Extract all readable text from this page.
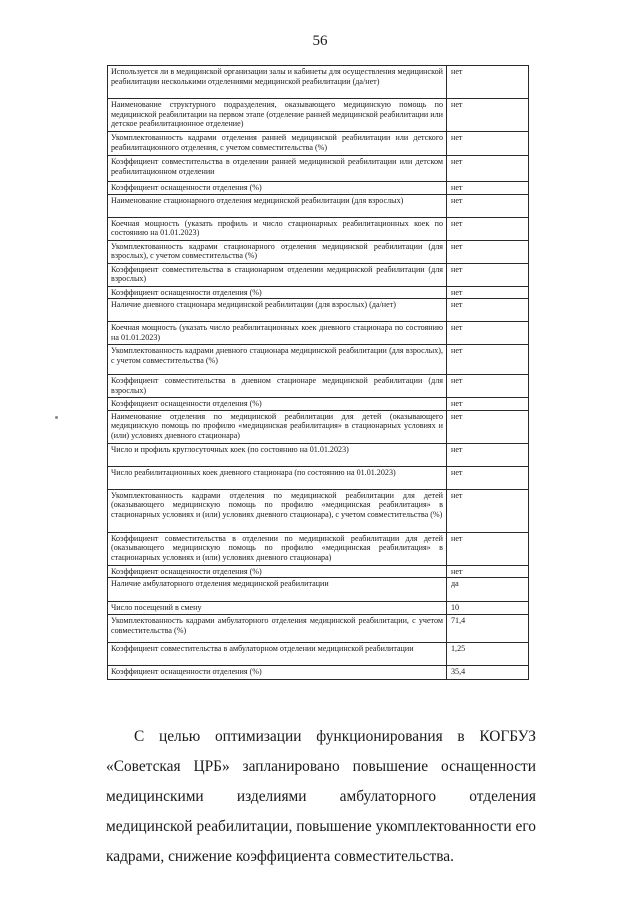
56
Используется ли в медицинской организации залы и кабинеты для осуществления медицинской реабилитации несколькими отделениями медицинской реабилитации (да/нет)	нет
Наименование структурного подразделения, оказывающего медицинскую помощь по медицинской реабилитации на первом этапе (отделение ранней медицинской реабилитации или детское реабилитационное отделение)	нет
Укомплектованность кадрами отделения ранней медицинской реабилитации или детского реабилитационного отделения, с учетом совместительства (%)	нет
Коэффициент совместительства в отделении ранней медицинской реабилитации или детском реабилитационном отделении	нет
Коэффициент оснащенности отделения (%)	нет
Наименование стационарного отделения медицинской реабилитации (для взрослых)	нет
Коечная мощность (указать профиль и число стационарных реабилитационных коек по состоянию на 01.01.2023)	нет
Укомплектованность кадрами стационарного отделения медицинской реабилитации (для взрослых), с учетом совместительства (%)	нет
Коэффициент совместительства в стационарном отделении медицинской реабилитации (для взрослых)	нет
Коэффициент оснащенности отделения (%)	нет
Наличие дневного стационара медицинской реабилитации (для взрослых) (да/нет)	нет
Коечная мощность (указать число реабилитационных коек дневного стационара по состоянию на 01.01.2023)	нет
Укомплектованность кадрами дневного стационара медицинской реабилитации (для взрослых), с учетом совместительства (%)	нет
Коэффициент совместительства в дневном стационаре медицинской реабилитации (для взрослых)	нет
Коэффициент оснащенности отделения (%)	нет
Наименование отделения по медицинской реабилитации для детей (оказывающего медицинскую помощь по профилю «медицинская реабилитация» в стационарных условиях и (или) условиях дневного стационара)	нет
Число и профиль круглосуточных коек (по состоянию на 01.01.2023)	нет
Число реабилитационных коек дневного стационара (по состоянию на 01.01.2023)	нет
Укомплектованность кадрами отделения по медицинской реабилитации для детей (оказывающего медицинскую помощь по профилю «медицинская реабилитация» в стационарных условиях и (или) условиях дневного стационара), с учетом совместительства (%)	нет
Коэффициент совместительства в отделении по медицинской реабилитации для детей (оказывающего медицинскую помощь по профилю «медицинская реабилитация» в стационарных условиях и (или) условиях дневного стационара)	нет
Коэффициент оснащенности отделения (%)	нет
Наличие амбулаторного отделения медицинской реабилитации	да
Число посещений в смену	10
Укомплектованность кадрами амбулаторного отделения медицинской реабилитации, с учетом совместительства (%)	71,4
Коэффициент совместительства в амбулаторном отделении медицинской реабилитации	1,25
Коэффициент оснащенности отделения (%)	35,4
С целью оптимизации функционирования в КОГБУЗ «Советская ЦРБ» запланировано повышение оснащенности медицинскими изделиями амбулаторного отделения медицинской реабилитации, повышение укомплектованности его кадрами, снижение коэффициента совместительства.
